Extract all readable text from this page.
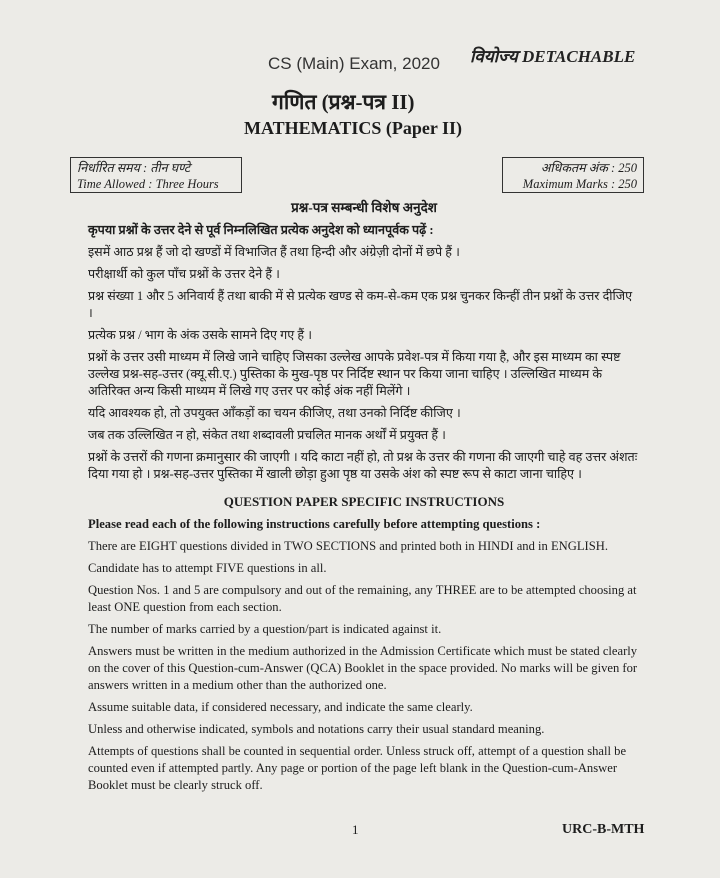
CS (Main) Exam, 2020 वियोज्य DETACHABLE
गणित (प्रश्न-पत्र II)
MATHEMATICS (Paper II)
निर्धारित समय : तीन घण्टे
Time Allowed : Three Hours
अधिकतम अंक : 250
Maximum Marks : 250

प्रश्न-पत्र सम्बन्धी विशेष अनुदेश

कृपया प्रश्नों के उत्तर देने से पूर्व निम्नलिखित प्रत्येक अनुदेश को ध्यानपूर्वक पढ़ें :

इसमें आठ प्रश्न हैं जो दो खण्डों में विभाजित हैं तथा हिन्दी और अंग्रेज़ी दोनों में छपे हैं ।

परीक्षार्थी को कुल पाँच प्रश्नों के उत्तर देने हैं ।

प्रश्न संख्या 1 और 5 अनिवार्य हैं तथा बाकी में से प्रत्येक खण्ड से कम-से-कम एक प्रश्न चुनकर किन्हीं तीन प्रश्नों के उत्तर दीजिए ।

प्रत्येक प्रश्न / भाग के अंक उसके सामने दिए गए हैं ।

प्रश्नों के उत्तर उसी माध्यम में लिखे जाने चाहिए जिसका उल्लेख आपके प्रवेश-पत्र में किया गया है, और इस माध्यम का स्पष्ट उल्लेख प्रश्न-सह-उत्तर (क्यू.सी.ए.) पुस्तिका के मुख-पृष्ठ पर निर्दिष्ट स्थान पर किया जाना चाहिए । उल्लिखित माध्यम के अतिरिक्त अन्य किसी माध्यम में लिखे गए उत्तर पर कोई अंक नहीं मिलेंगे ।

यदि आवश्यक हो, तो उपयुक्त आँकड़ों का चयन कीजिए, तथा उनको निर्दिष्ट कीजिए ।

जब तक उल्लिखित न हो, संकेत तथा शब्दावली प्रचलित मानक अर्थों में प्रयुक्त हैं ।

प्रश्नों के उत्तरों की गणना क्रमानुसार की जाएगी । यदि काटा नहीं हो, तो प्रश्न के उत्तर की गणना की जाएगी चाहे वह उत्तर अंशतः दिया गया हो । प्रश्न-सह-उत्तर पुस्तिका में खाली छोड़ा हुआ पृष्ठ या उसके अंश को स्पष्ट रूप से काटा जाना चाहिए ।

QUESTION PAPER SPECIFIC INSTRUCTIONS

Please read each of the following instructions carefully before attempting questions :

There are EIGHT questions divided in TWO SECTIONS and printed both in HINDI and in ENGLISH.

Candidate has to attempt FIVE questions in all.

Question Nos. 1 and 5 are compulsory and out of the remaining, any THREE are to be attempted choosing at least ONE question from each section.

The number of marks carried by a question/part is indicated against it.

Answers must be written in the medium authorized in the Admission Certificate which must be stated clearly on the cover of this Question-cum-Answer (QCA) Booklet in the space provided. No marks will be given for answers written in a medium other than the authorized one.

Assume suitable data, if considered necessary, and indicate the same clearly.

Unless and otherwise indicated, symbols and notations carry their usual standard meaning.

Attempts of questions shall be counted in sequential order. Unless struck off, attempt of a question shall be counted even if attempted partly. Any page or portion of the page left blank in the Question-cum-Answer Booklet must be clearly struck off.

1	URC-B-MTH
